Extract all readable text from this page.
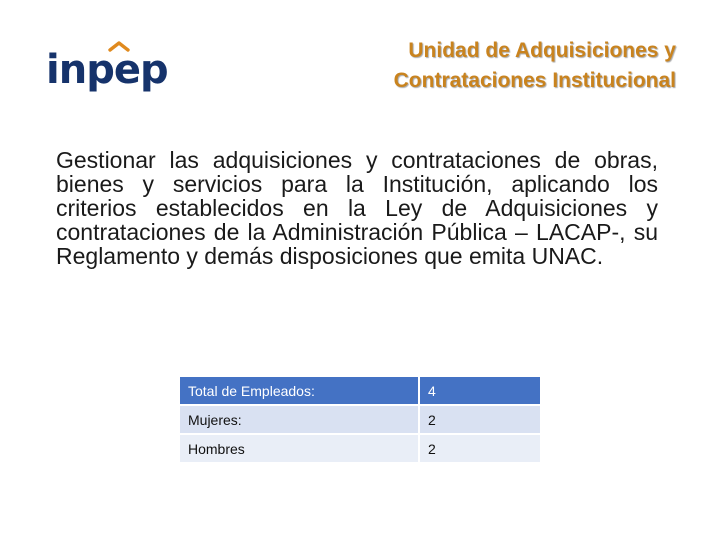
inpep	Unidad de Adquisiciones y Contrataciones Institucional

Gestionar las adquisiciones y contrataciones de obras, bienes y servicios para la Institución, aplicando los criterios establecidos en la Ley de Adquisiciones y contrataciones de la Administración Pública – LACAP-, su Reglamento y demás disposiciones que emita UNAC.

Total de Empleados:	4
Mujeres:	2
Hombres	2
